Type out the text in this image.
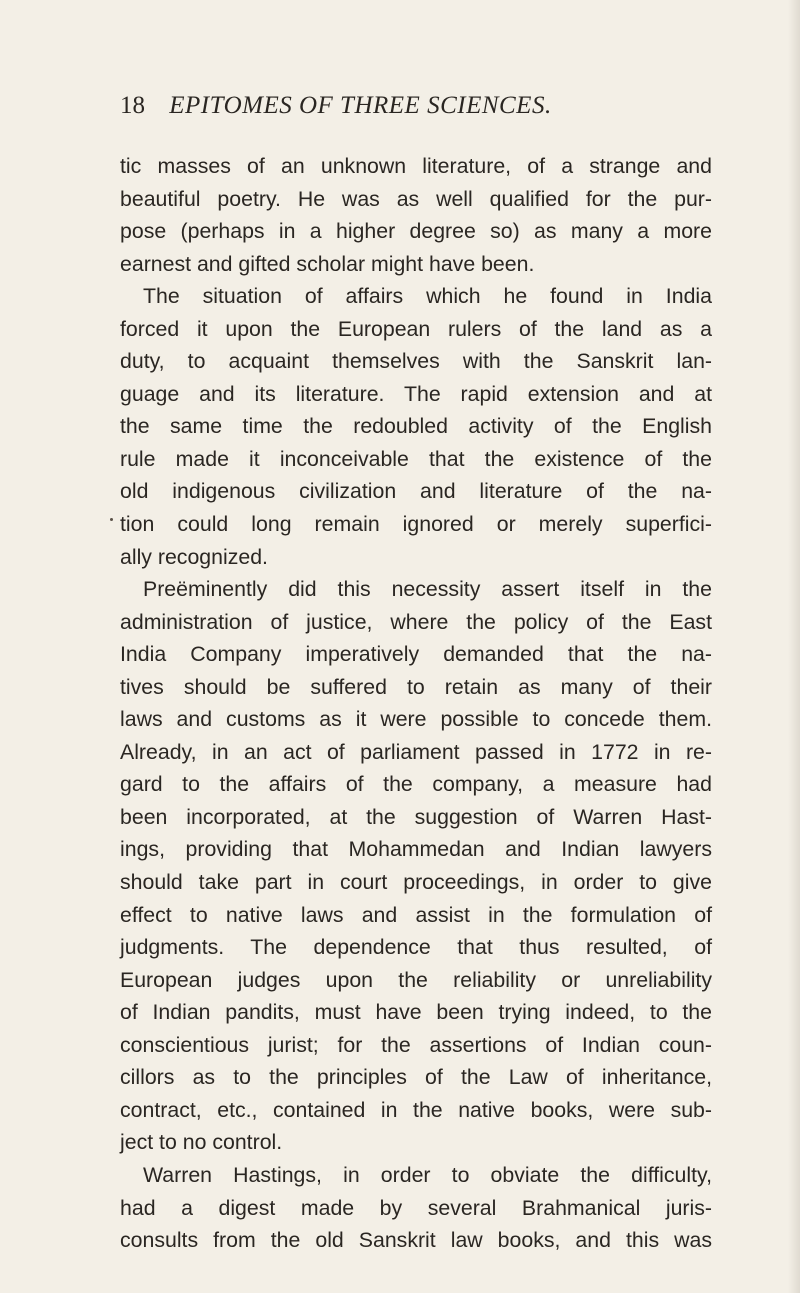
18 EPITOMES OF THREE SCIENCES.
tic masses of an unknown literature, of a strange and
beautiful poetry. He was as well qualified for the pur-
pose (perhaps in a higher degree so) as many a more
earnest and gifted scholar might have been.
The situation of affairs which he found in India
forced it upon the European rulers of the land as a
duty, to acquaint themselves with the Sanskrit lan-
guage and its literature. The rapid extension and at
the same time the redoubled activity of the English
rule made it inconceivable that the existence of the
old indigenous civilization and literature of the na-
tion could long remain ignored or merely superfici-
ally recognized.
Preëminently did this necessity assert itself in the
administration of justice, where the policy of the East
India Company imperatively demanded that the na-
tives should be suffered to retain as many of their
laws and customs as it were possible to concede them.
Already, in an act of parliament passed in 1772 in re-
gard to the affairs of the company, a measure had
been incorporated, at the suggestion of Warren Hast-
ings, providing that Mohammedan and Indian lawyers
should take part in court proceedings, in order to give
effect to native laws and assist in the formulation of
judgments. The dependence that thus resulted, of
European judges upon the reliability or unreliability
of Indian pandits, must have been trying indeed, to the
conscientious jurist; for the assertions of Indian coun-
cillors as to the principles of the Law of inheritance,
contract, etc., contained in the native books, were sub-
ject to no control.
Warren Hastings, in order to obviate the difficulty,
had a digest made by several Brahmanical juris-
consults from the old Sanskrit law books, and this was
